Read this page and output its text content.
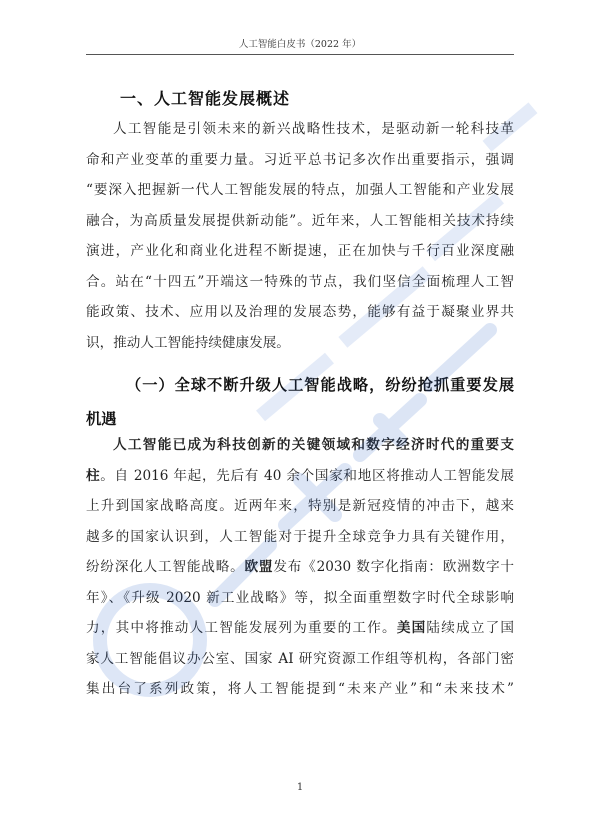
人工智能白皮书（2022 年）
一、人工智能发展概述
人工智能是引领未来的新兴战略性技术，是驱动新一轮科技革
命和产业变革的重要力量。习近平总书记多次作出重要指示，强调
“要深入把握新一代人工智能发展的特点，加强人工智能和产业发展
融合，为高质量发展提供新动能”。近年来，人工智能相关技术持续
演进，产业化和商业化进程不断提速，正在加快与千行百业深度融
合。站在“十四五”开端这一特殊的节点，我们坚信全面梳理人工智
能政策、技术、应用以及治理的发展态势，能够有益于凝聚业界共
识，推动人工智能持续健康发展。
（一）全球不断升级人工智能战略，纷纷抢抓重要发展
机遇
人工智能已成为科技创新的关键领域和数字经济时代的重要支
柱。自 2016 年起，先后有 40 余个国家和地区将推动人工智能发展
上升到国家战略高度。近两年来，特别是新冠疫情的冲击下，越来
越多的国家认识到，人工智能对于提升全球竞争力具有关键作用，
纷纷深化人工智能战略。欧盟发布《2030 数字化指南：欧洲数字十
年》、《升级 2020 新工业战略》等，拟全面重塑数字时代全球影响
力，其中将推动人工智能发展列为重要的工作。美国陆续成立了国
家人工智能倡议办公室、国家 AI 研究资源工作组等机构，各部门密
集出台了系列政策，将人工智能提到“未来产业”和“未来技术”
1
